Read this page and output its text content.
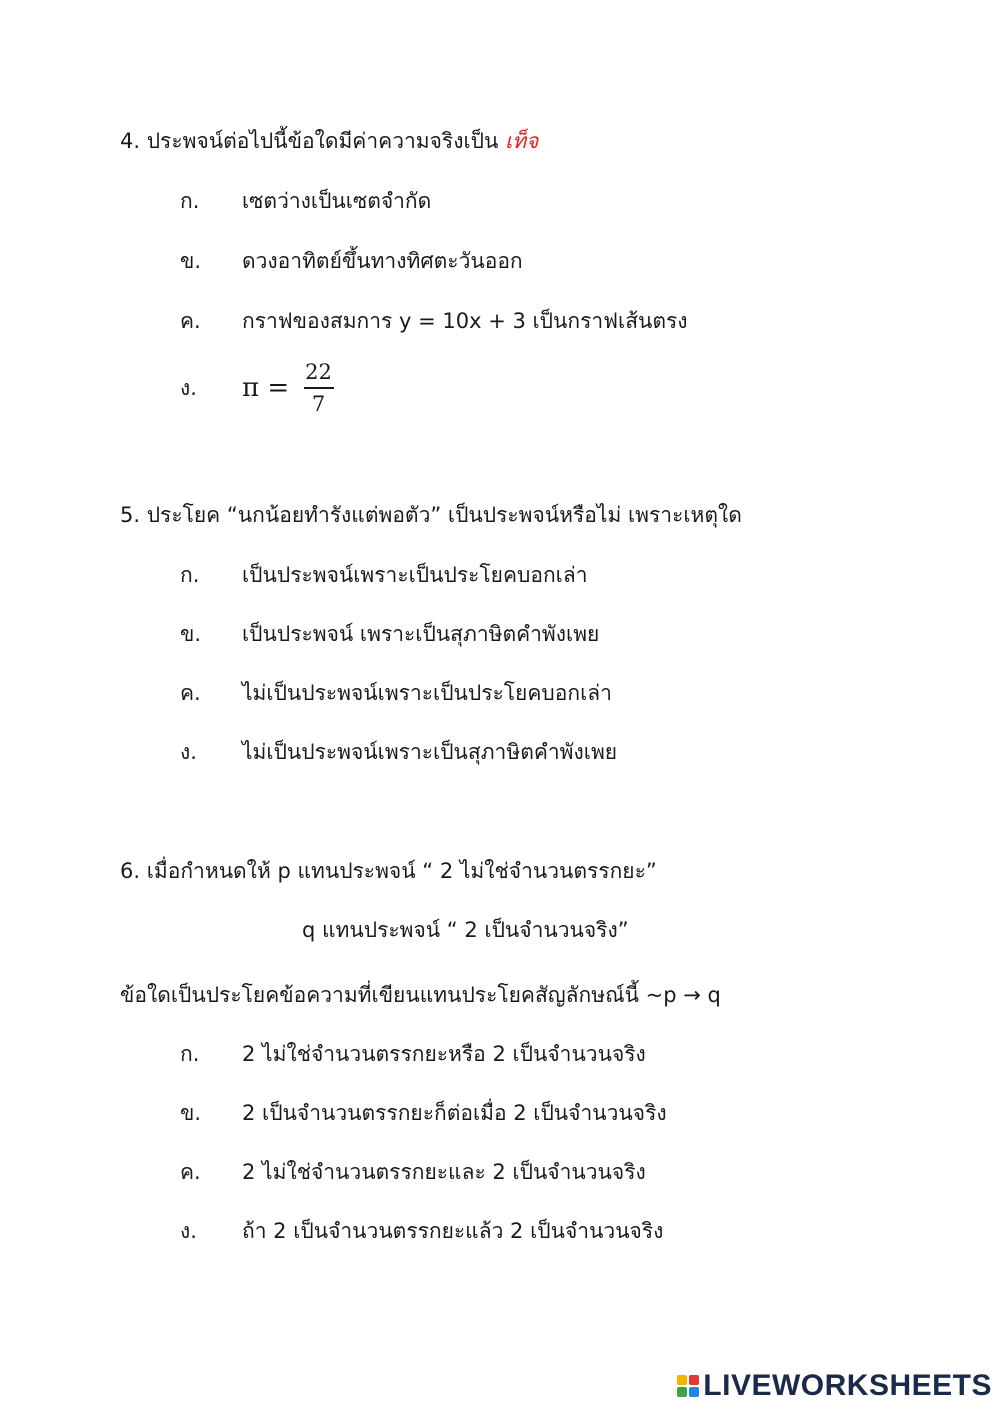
4. ประพจน์ต่อไปนี้ข้อใดมีค่าความจริงเป็น เท็จ
ก. เซตว่างเป็นเซตจำกัด
ข. ดวงอาทิตย์ขึ้นทางทิศตะวันออก
ค. กราฟของสมการ y = 10x + 3 เป็นกราฟเส้นตรง
ง.	$\pi = \frac{22}{7}$
5. ประโยค “นกน้อยทำรังแต่พอตัว” เป็นประพจน์หรือไม่ เพราะเหตุใด
ก. เป็นประพจน์เพราะเป็นประโยคบอกเล่า
ข. เป็นประพจน์ เพราะเป็นสุภาษิตคำพังเพย
ค. ไม่เป็นประพจน์เพราะเป็นประโยคบอกเล่า
ง. ไม่เป็นประพจน์เพราะเป็นสุภาษิตคำพังเพย
6. เมื่อกำหนดให้ p แทนประพจน์ “ 2 ไม่ใช่จำนวนตรรกยะ”
q แทนประพจน์ “ 2 เป็นจำนวนจริง”
ข้อใดเป็นประโยคข้อความที่เขียนแทนประโยคสัญลักษณ์นี้ ~p → q
ก. 2 ไม่ใช่จำนวนตรรกยะหรือ 2 เป็นจำนวนจริง
ข. 2 เป็นจำนวนตรรกยะก็ต่อเมื่อ 2 เป็นจำนวนจริง
ค. 2 ไม่ใช่จำนวนตรรกยะและ 2 เป็นจำนวนจริง
ง. ถ้า 2 เป็นจำนวนตรรกยะแล้ว 2 เป็นจำนวนจริง
LIVEWORKSHEETS
